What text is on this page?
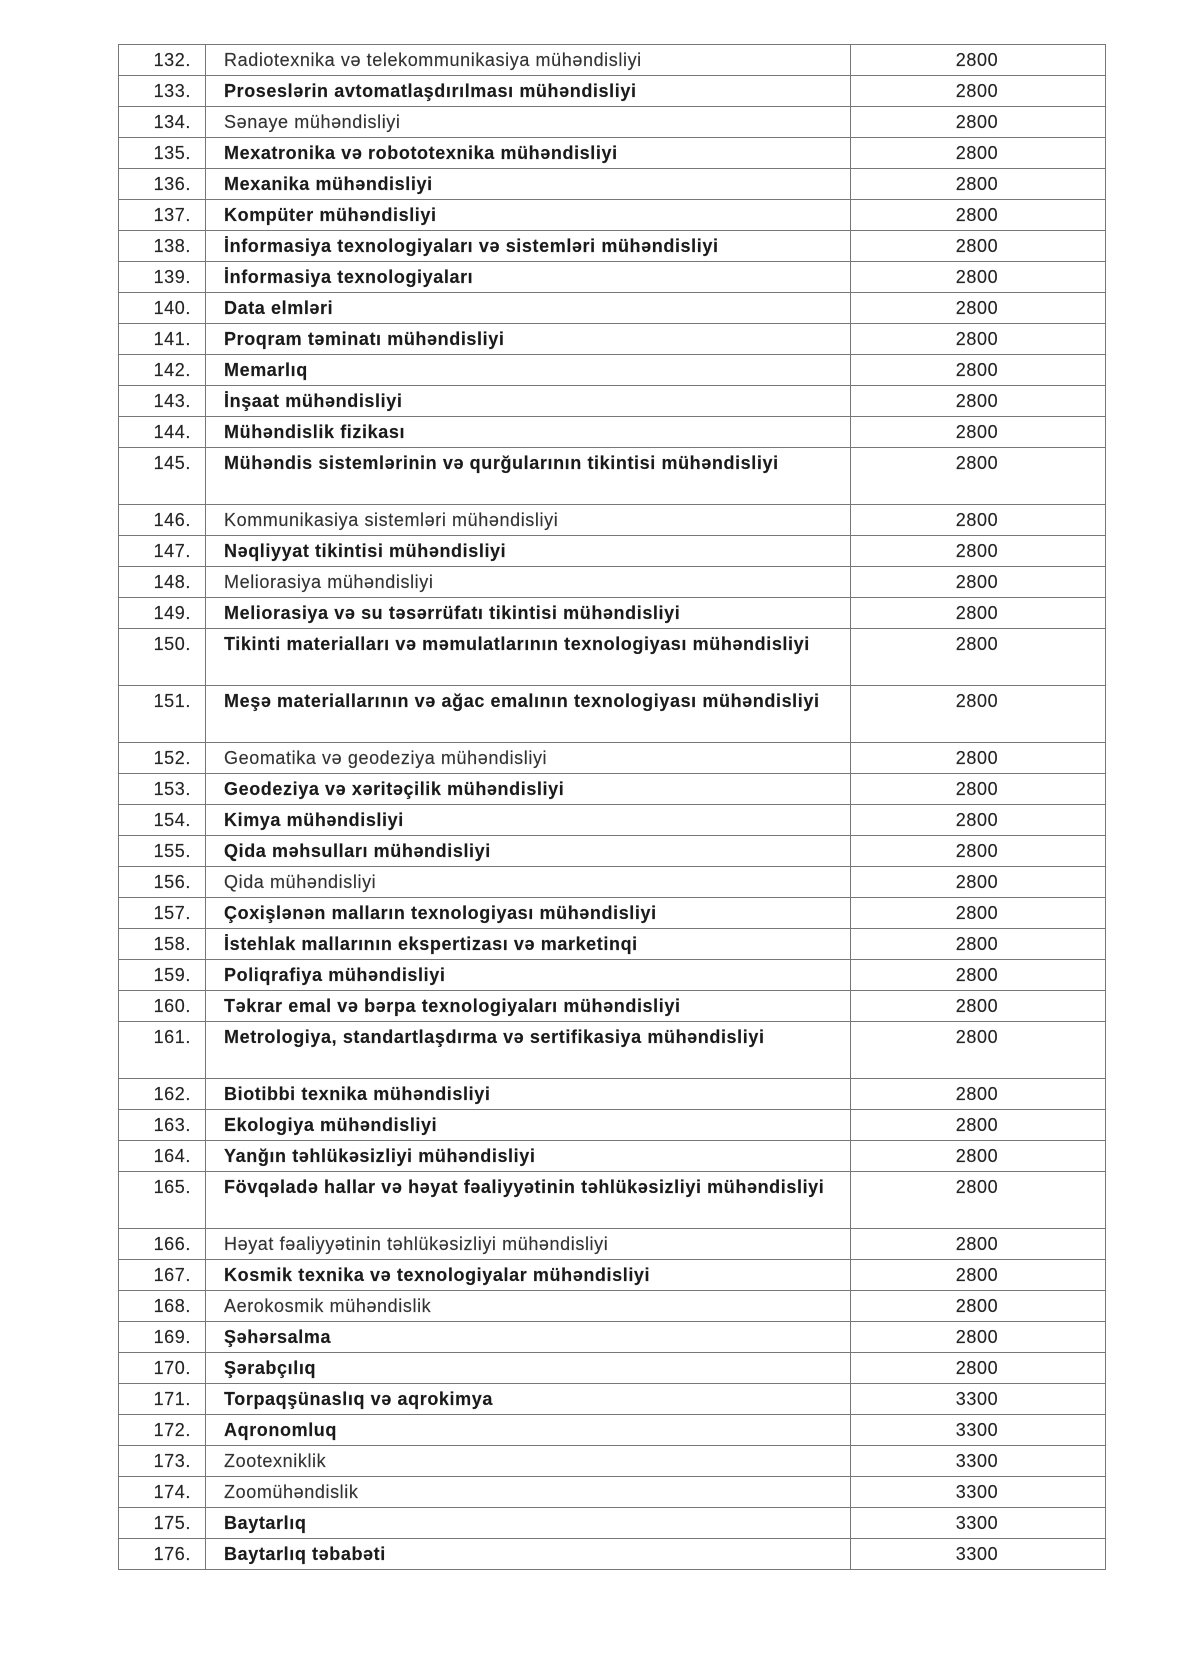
132.	Radiotexnika və telekommunikasiya mühəndisliyi	2800
133.	Proseslərin avtomatlaşdırılması mühəndisliyi	2800
134.	Sənaye mühəndisliyi	2800
135.	Mexatronika və robototexnika mühəndisliyi	2800
136.	Mexanika mühəndisliyi	2800
137.	Kompüter mühəndisliyi	2800
138.	İnformasiya texnologiyaları və sistemləri mühəndisliyi	2800
139.	İnformasiya texnologiyaları	2800
140.	Data elmləri	2800
141.	Proqram təminatı mühəndisliyi	2800
142.	Memarlıq	2800
143.	İnşaat mühəndisliyi	2800
144.	Mühəndislik fizikası	2800
145.	Mühəndis sistemlərinin və qurğularının tikintisi mühəndisliyi	2800
146.	Kommunikasiya sistemləri mühəndisliyi	2800
147.	Nəqliyyat tikintisi mühəndisliyi	2800
148.	Meliorasiya mühəndisliyi	2800
149.	Meliorasiya və su təsərrüfatı tikintisi mühəndisliyi	2800
150.	Tikinti materialları və məmulatlarının texnologiyası mühəndisliyi	2800
151.	Meşə materiallarının və ağac emalının texnologiyası mühəndisliyi	2800
152.	Geomatika və geodeziya mühəndisliyi	2800
153.	Geodeziya və xəritəçilik mühəndisliyi	2800
154.	Kimya mühəndisliyi	2800
155.	Qida məhsulları mühəndisliyi	2800
156.	Qida mühəndisliyi	2800
157.	Çoxişlənən malların texnologiyası mühəndisliyi	2800
158.	İstehlak mallarının ekspertizası və marketinqi	2800
159.	Poliqrafiya mühəndisliyi	2800
160.	Təkrar emal və bərpa texnologiyaları mühəndisliyi	2800
161.	Metrologiya, standartlaşdırma və sertifikasiya mühəndisliyi	2800
162.	Biotibbi texnika mühəndisliyi	2800
163.	Ekologiya mühəndisliyi	2800
164.	Yanğın təhlükəsizliyi mühəndisliyi	2800
165.	Fövqəladə hallar və həyat fəaliyyətinin təhlükəsizliyi mühəndisliyi	2800
166.	Həyat fəaliyyətinin təhlükəsizliyi mühəndisliyi	2800
167.	Kosmik texnika və texnologiyalar mühəndisliyi	2800
168.	Aerokosmik mühəndislik	2800
169.	Şəhərsalma	2800
170.	Şərabçılıq	2800
171.	Torpaqşünaslıq və aqrokimya	3300
172.	Aqronomluq	3300
173.	Zootexniklik	3300
174.	Zoomühəndislik	3300
175.	Baytarlıq	3300
176.	Baytarlıq təbabəti	3300
